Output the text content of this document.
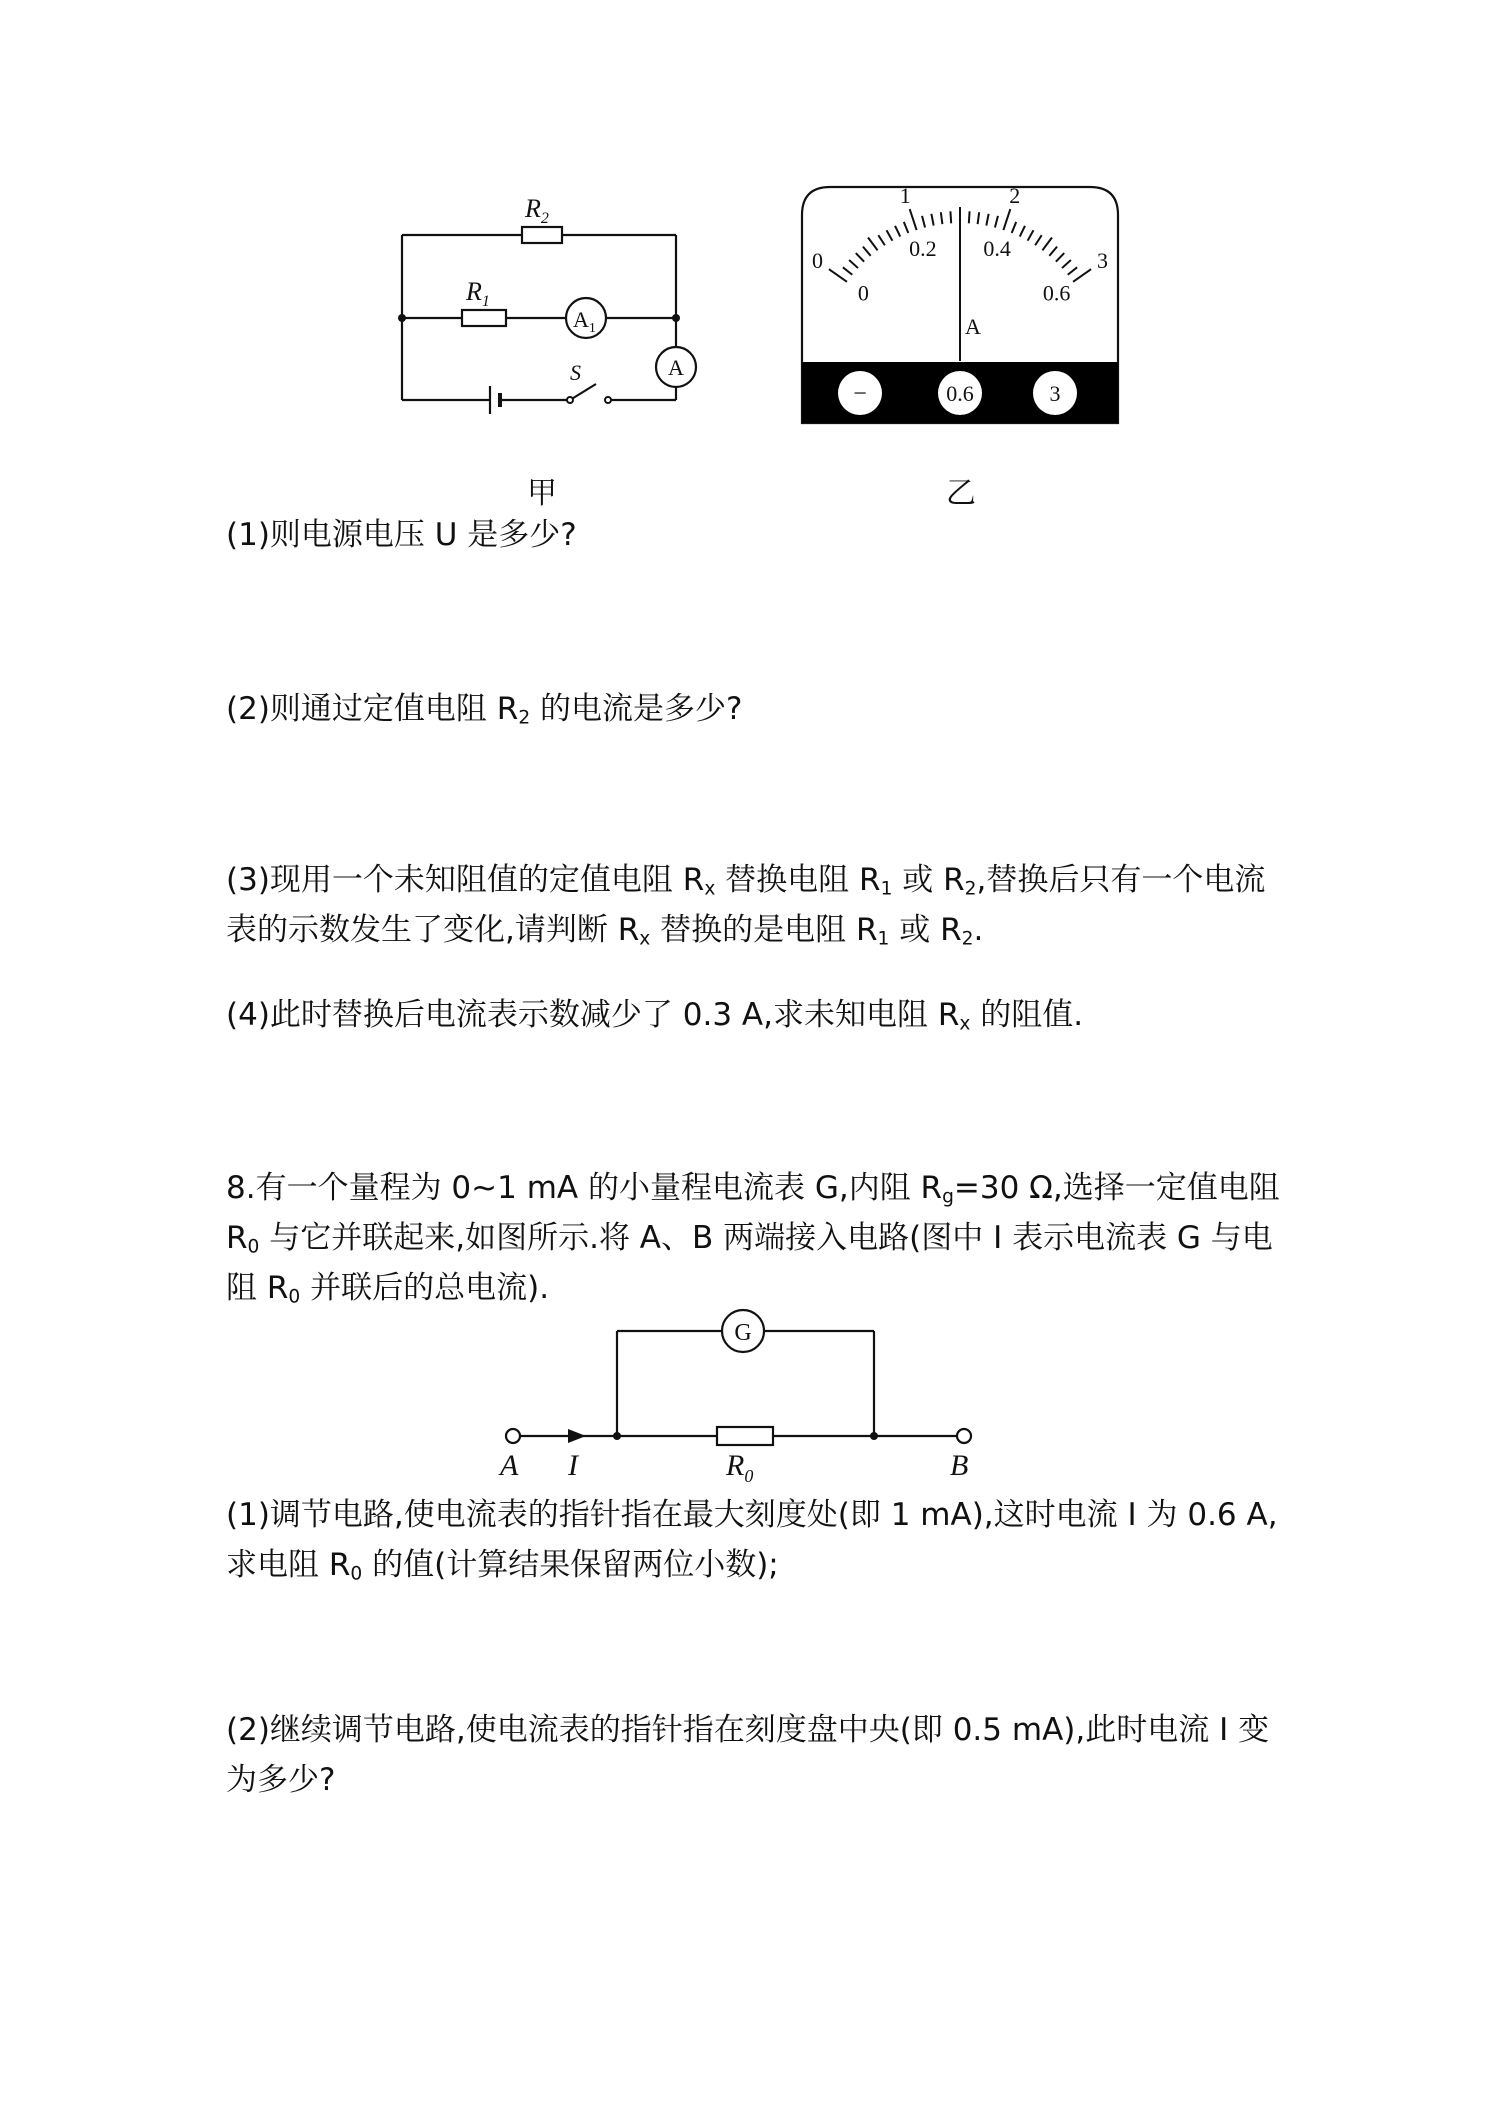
$R_2$
$R_1$
$A_1$
A
S
甲
0
1	2
3
0
0.2 0.4
0.6
A
−	0.6	3
乙

(1)则电源电压 U 是多少?

(2)则通过定值电阻 $R_2$ 的电流是多少?

(3)现用一个未知阻值的定值电阻 $R_x$ 替换电阻 $R_1$ 或 $R_2$,替换后只有一个电流表的示数发生了变化,请判断 $R_x$ 替换的是电阻 $R_1$ 或 $R_2$.

(4)此时替换后电流表示数减少了 0.3 A,求未知电阻 $R_x$ 的阻值.

8.有一个量程为 0~1 mA 的小量程电流表 G,内阻 $R_g=30$ Ω,选择一定值电阻 $R_0$ 与它并联起来,如图所示.将 A、B 两端接入电路(图中 I 表示电流表 G 与电阻 $R_0$ 并联后的总电流).

G
A I	$R_0$	B

(1)调节电路,使电流表的指针指在最大刻度处(即 1 mA),这时电流 I 为 0.6 A,求电阻 $R_0$ 的值(计算结果保留两位小数);

(2)继续调节电路,使电流表的指针指在刻度盘中央(即 0.5 mA),此时电流 I 变为多少?
